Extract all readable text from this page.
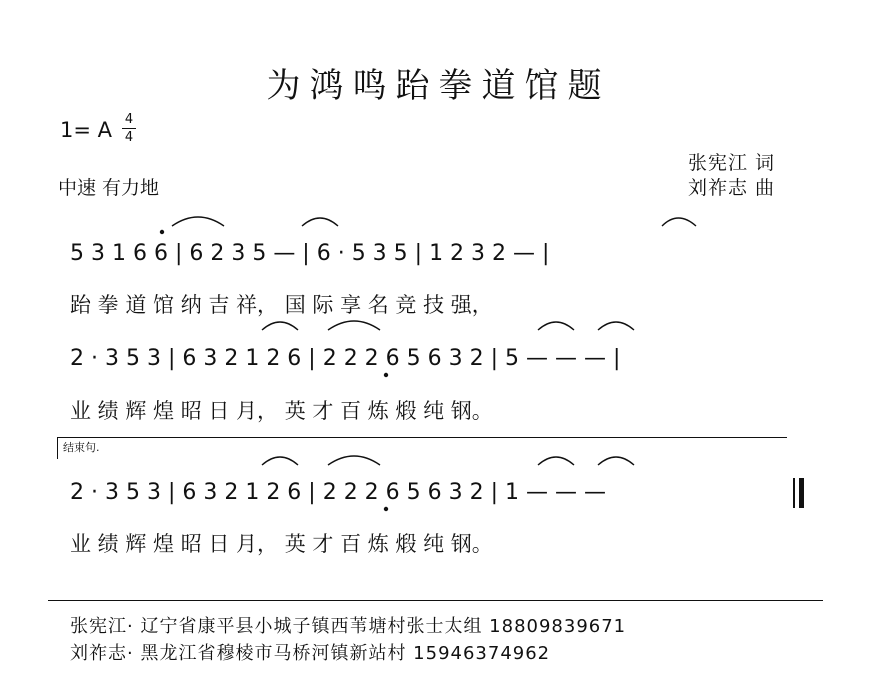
为鸿鸣跆拳道馆题
1= A 4
4
中速 有力地
张宪江 词
刘祚志 曲
5 3 1 6 6 | 6 2 3 5 — | 6 · 5 3 5 | 1 2 3 2 — |
跆 拳 道 馆 纳 吉 祥， 国 际 享 名 竞 技 强，
2 · 3 5 3 | 6 3 2 1 2 6 | 2 2 2 6 5 6 3 2 | 5 — — — |
业 绩 辉 煌 昭 日 月， 英 才 百 炼 煅 纯 钢。
结束句.
2 · 3 5 3 | 6 3 2 1 2 6 | 2 2 2 6 5 6 3 2 | 1 — — —
业 绩 辉 煌 昭 日 月， 英 才 百 炼 煅 纯 钢。
张宪江· 辽宁省康平县小城子镇西苇塘村张士太组 18809839671
刘祚志· 黑龙江省穆棱市马桥河镇新站村 15946374962
